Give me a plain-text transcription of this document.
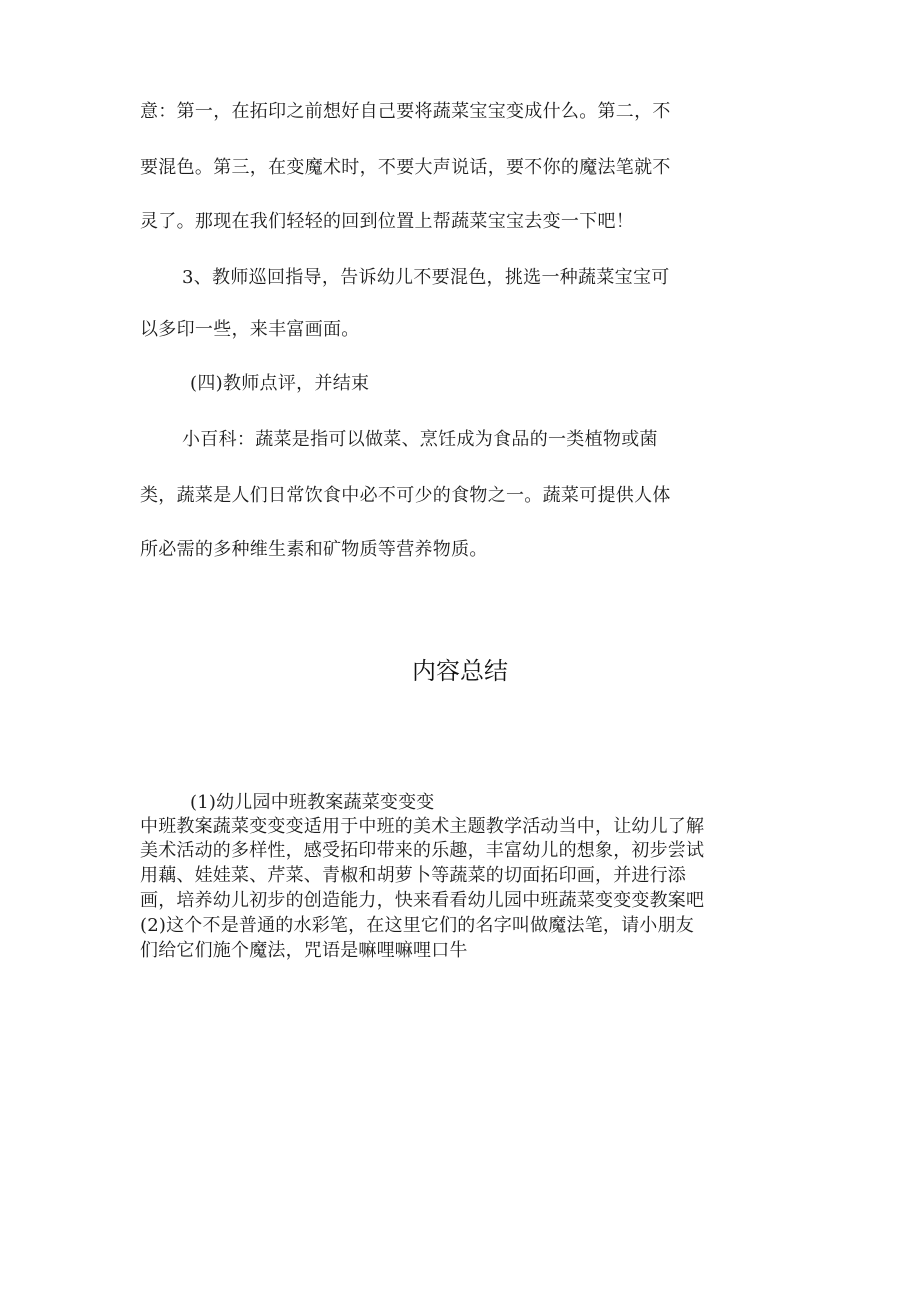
意：第一，在拓印之前想好自己要将蔬菜宝宝变成什么。第二，不
要混色。第三，在变魔术时，不要大声说话，要不你的魔法笔就不
灵了。那现在我们轻轻的回到位置上帮蔬菜宝宝去变一下吧！
3、教师巡回指导，告诉幼儿不要混色，挑选一种蔬菜宝宝可
以多印一些，来丰富画面。
(四)教师点评，并结束
小百科：蔬菜是指可以做菜、烹饪成为食品的一类植物或菌
类，蔬菜是人们日常饮食中必不可少的食物之一。蔬菜可提供人体
所必需的多种维生素和矿物质等营养物质。
内容总结
(1)幼儿园中班教案蔬菜变变变
中班教案蔬菜变变变适用于中班的美术主题教学活动当中，让幼儿了解
美术活动的多样性，感受拓印带来的乐趣，丰富幼儿的想象，初步尝试
用藕、娃娃菜、芹菜、青椒和胡萝卜等蔬菜的切面拓印画，并进行添
画，培养幼儿初步的创造能力，快来看看幼儿园中班蔬菜变变变教案吧
(2)这个不是普通的水彩笔，在这里它们的名字叫做魔法笔，请小朋友
们给它们施个魔法，咒语是嘛哩嘛哩口牛
